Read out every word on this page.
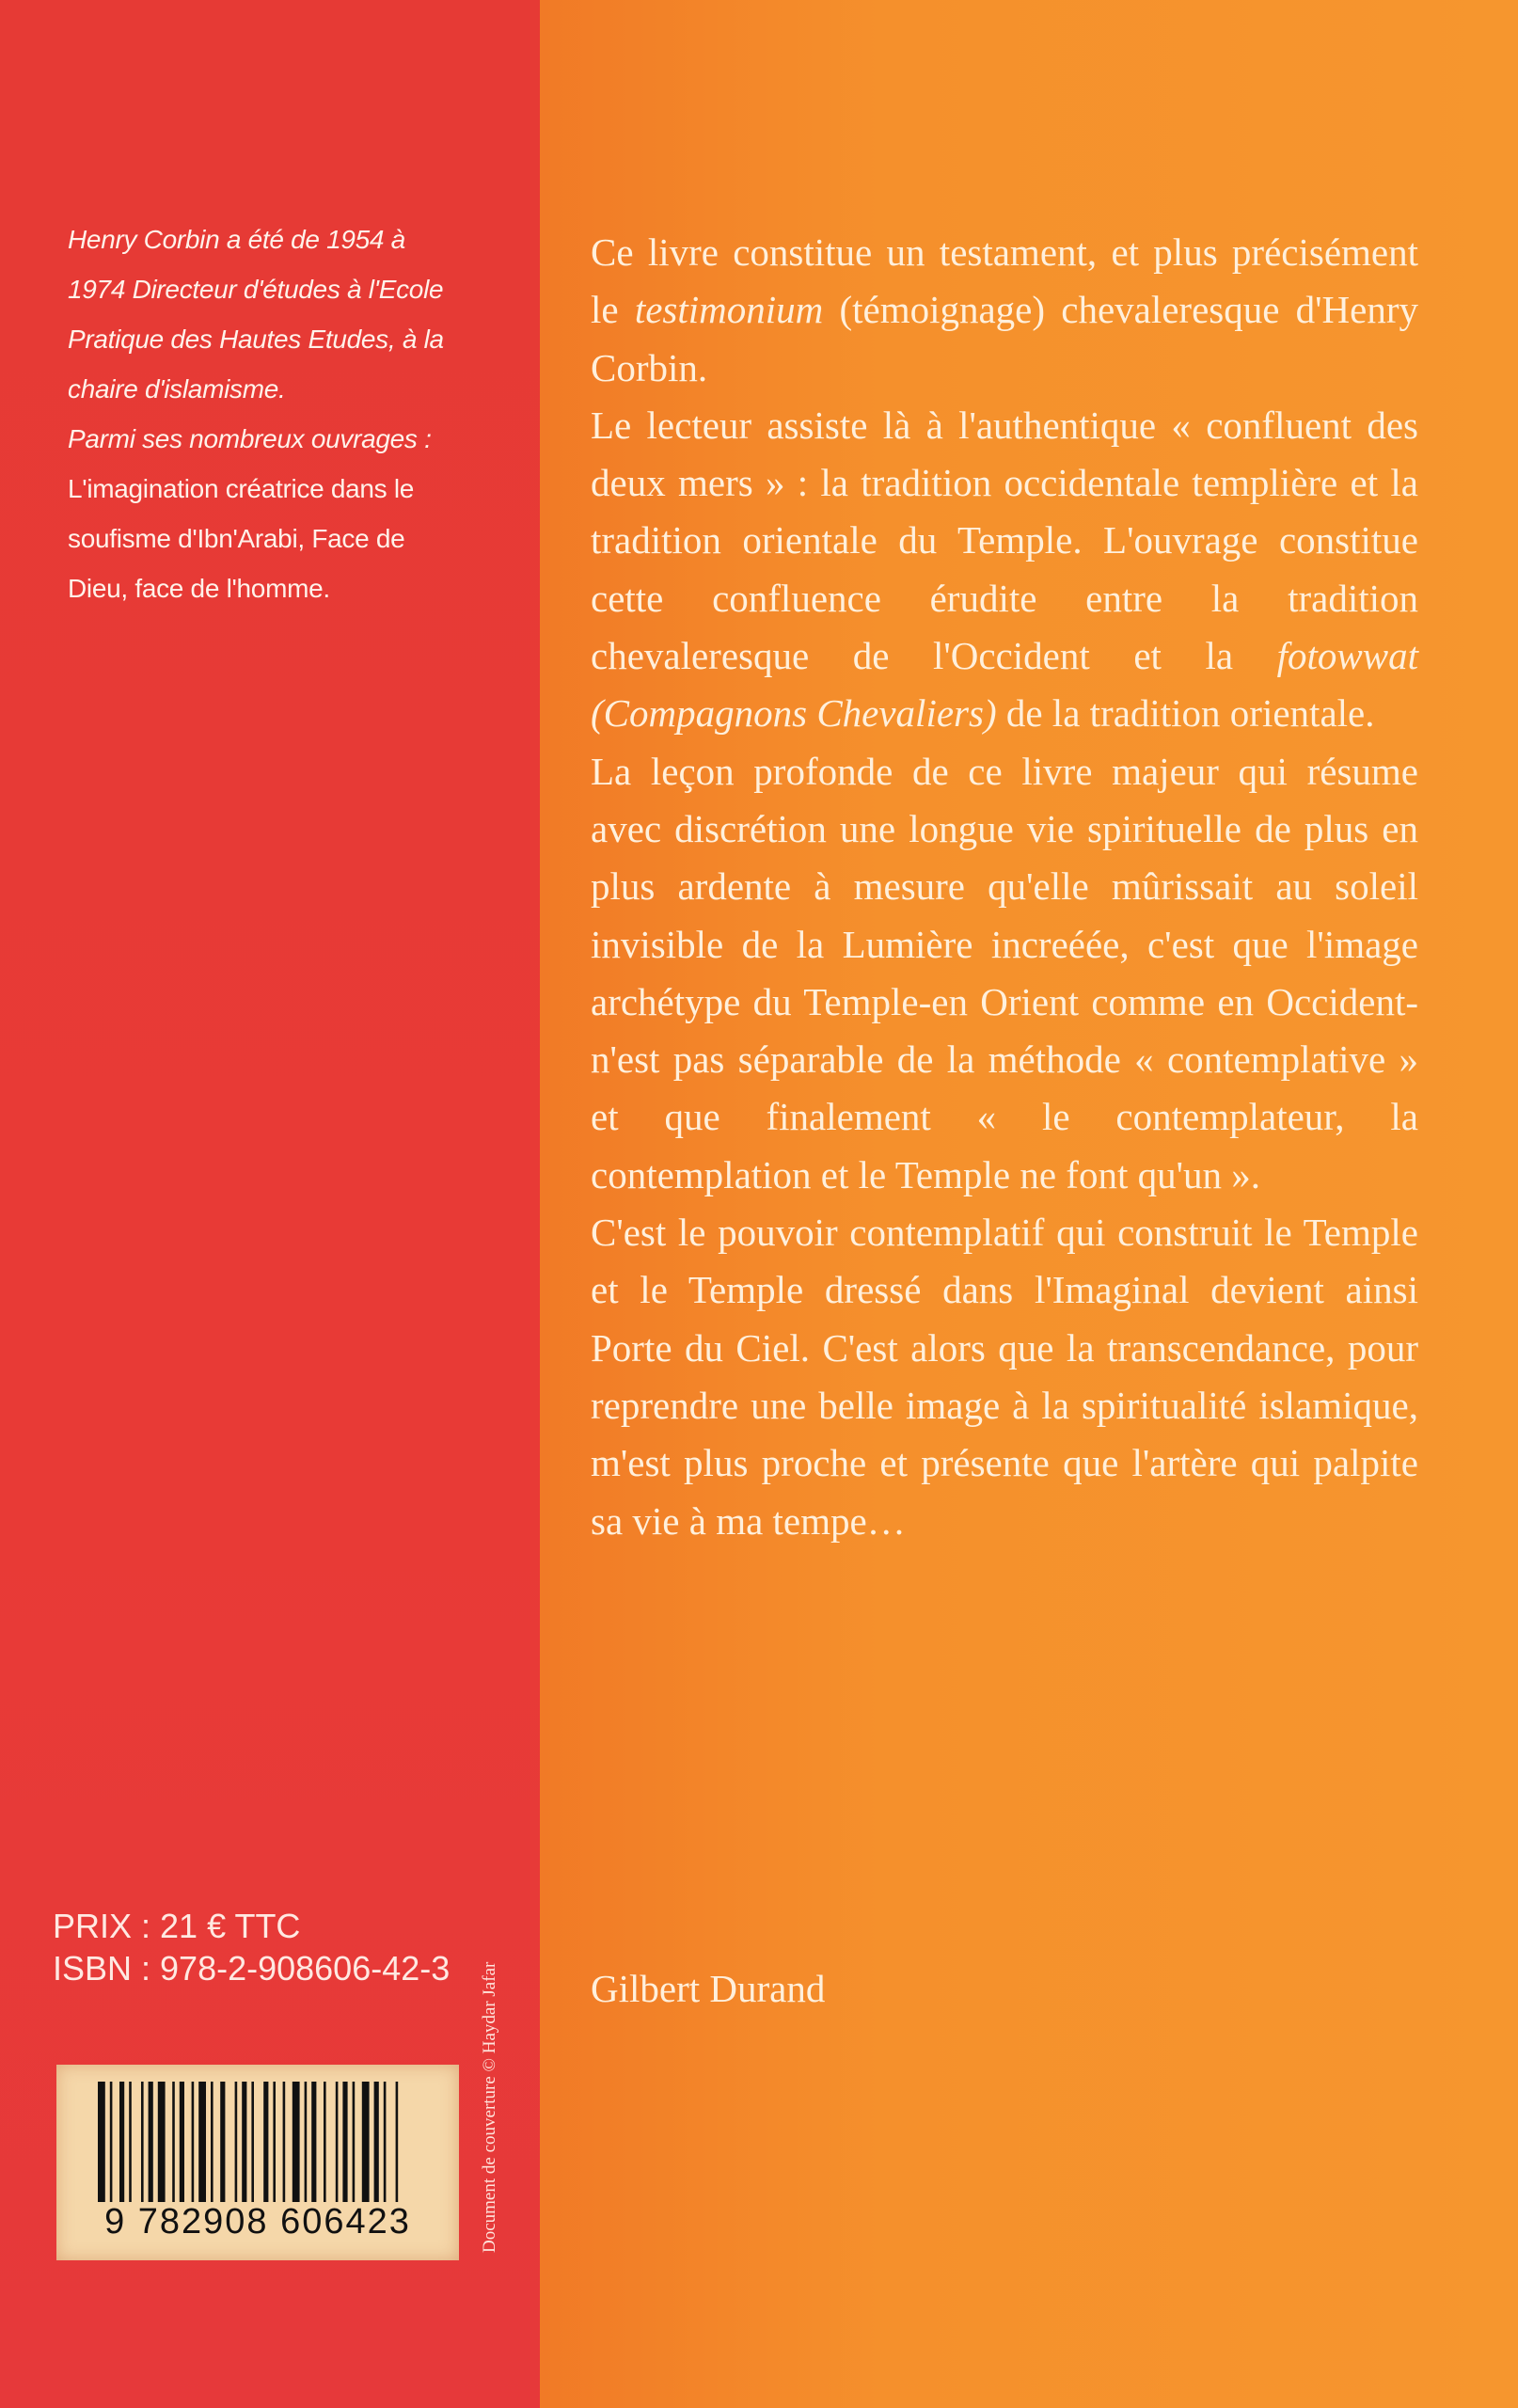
Henry Corbin a été de 1954 à 1974 Directeur d'études à l'Ecole Pratique des Hautes Etudes, à la chaire d'islamisme.

Parmi ses nombreux ouvrages :

L'imagination créatrice dans le soufisme d'Ibn'Arabi, Face de Dieu, face de l'homme.

PRIX : 21 € TTC
ISBN : 978-2-908606-42-3 Document de couverture © Haydar Jafar
9 782908 606423

Ce livre constitue un testament, et plus précisément le testimonium (témoignage) chevaleresque d'Henry Corbin.

Le lecteur assiste là à l'authentique « confluent des deux mers » : la tradition occidentale templière et la tradition orientale du Temple. L'ouvrage constitue cette confluence érudite entre la tradition chevaleresque de l'Occident et la fotowwat (Compagnons Chevaliers) de la tradition orientale.

La leçon profonde de ce livre majeur qui résume avec discrétion une longue vie spirituelle de plus en plus ardente à mesure qu'elle mûrissait au soleil invisible de la Lumière increéée, c'est que l'image archétype du Temple-en Orient comme en Occident- n'est pas séparable de la méthode « contemplative » et que finalement « le contemplateur, la contemplation et le Temple ne font qu'un ».

C'est le pouvoir contemplatif qui construit le Temple et le Temple dressé dans l'Imaginal devient ainsi Porte du Ciel. C'est alors que la transcendance, pour reprendre une belle image à la spiritualité islamique, m'est plus proche et présente que l'artère qui palpite sa vie à ma tempe…

Gilbert Durand
